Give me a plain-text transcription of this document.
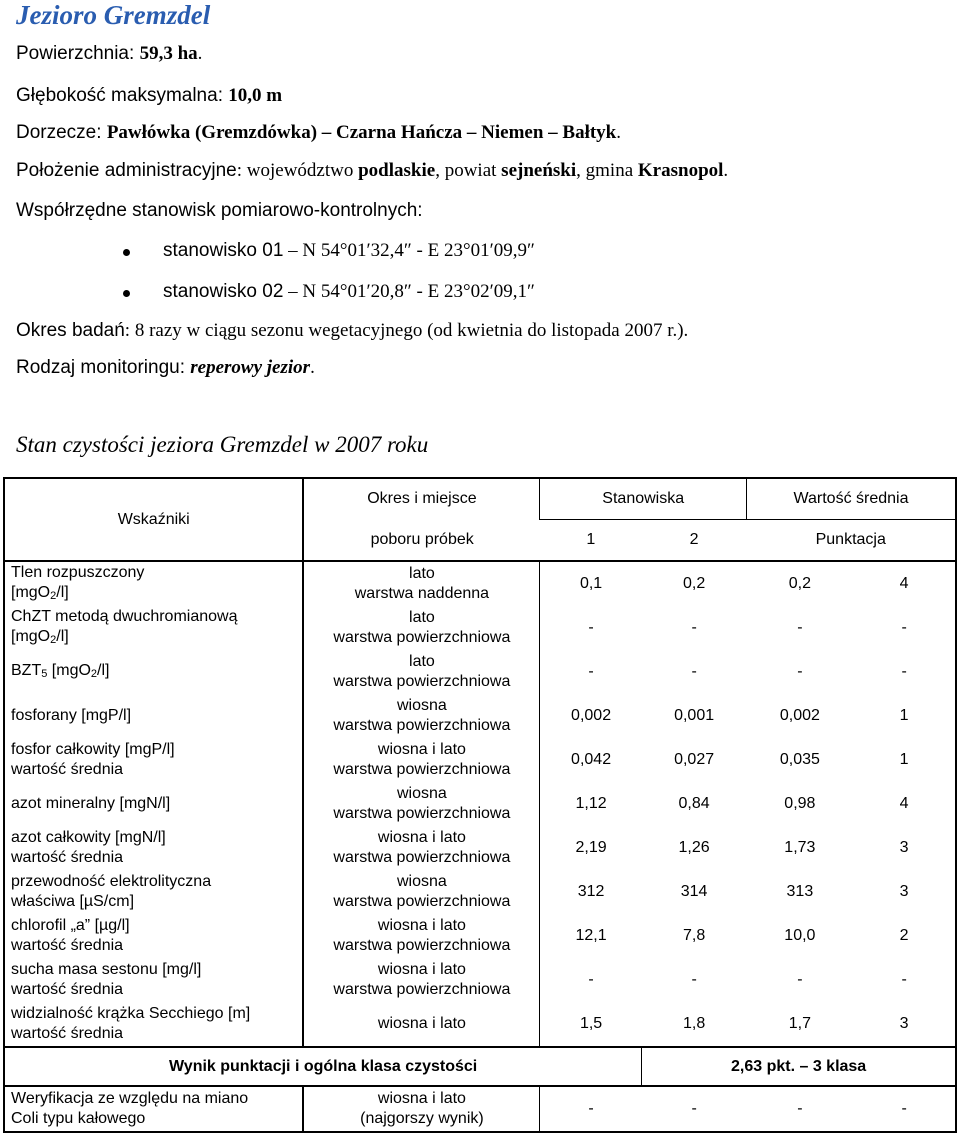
Jezioro Gremzdel
Powierzchnia: 59,3 ha.
Głębokość maksymalna: 10,0 m
Dorzecze: Pawłówka (Gremzdówka) – Czarna Hańcza – Niemen – Bałtyk.
Położenie administracyjne: województwo podlaskie, powiat sejneński, gmina Krasnopol.
Współrzędne stanowisk pomiarowo-kontrolnych:
stanowisko 01 – N 54°01′32,4″ - E 23°01′09,9″
stanowisko 02 – N 54°01′20,8″ - E 23°02′09,1″
Okres badań: 8 razy w ciągu sezonu wegetacyjnego (od kwietnia do listopada 2007 r.).
Rodzaj monitoringu: reperowy jezior.
Stan czystości jeziora Gremzdel w 2007 roku
Wskaźniki	Okres i miejsce	Stanowiska		Wartość średnia	
	poboru próbek	1	2	Punktacja	
Tlen rozpuszczony
[mgO$_2$/l]	lato
warstwa naddenna	0,1	0,2	0,2	4
ChZT metodą dwuchromianową
[mgO$_2$/l]	lato
warstwa powierzchniowa	-	-	-	-
$BZT_5$ [mgO$_2$/l]	lato
warstwa powierzchniowa	-	-	-	-
fosforany [mgP/l]	wiosna
warstwa powierzchniowa	0,002	0,001	0,002	1
fosfor całkowity [mgP/l]
wartość średnia	wiosna i lato
warstwa powierzchniowa	0,042	0,027	0,035	1
azot mineralny [mgN/l]	wiosna
warstwa powierzchniowa	1,12	0,84	0,98	4
azot całkowity [mgN/l]
wartość średnia	wiosna i lato
warstwa powierzchniowa	2,19	1,26	1,73	3
przewodność elektrolityczna
właściwa [µS/cm]	wiosna
warstwa powierzchniowa	312	314	313	3
chlorofil „a” [µg/l]
wartość średnia	wiosna i lato
warstwa powierzchniowa	12,1	7,8	10,0	2
sucha masa sestonu [mg/l]
wartość średnia	wiosna i lato
warstwa powierzchniowa	-	-	-	-
widzialność krążka Secchiego [m]
wartość średnia	wiosna i lato	1,5	1,8	1,7	3
Wynik punktacji i ogólna klasa czystości			2,63 pkt. – 3 klasa		
Weryfikacja ze względu na miano
Coli typu kałowego	wiosna i lato
(najgorszy wynik)	-	-	-	-
